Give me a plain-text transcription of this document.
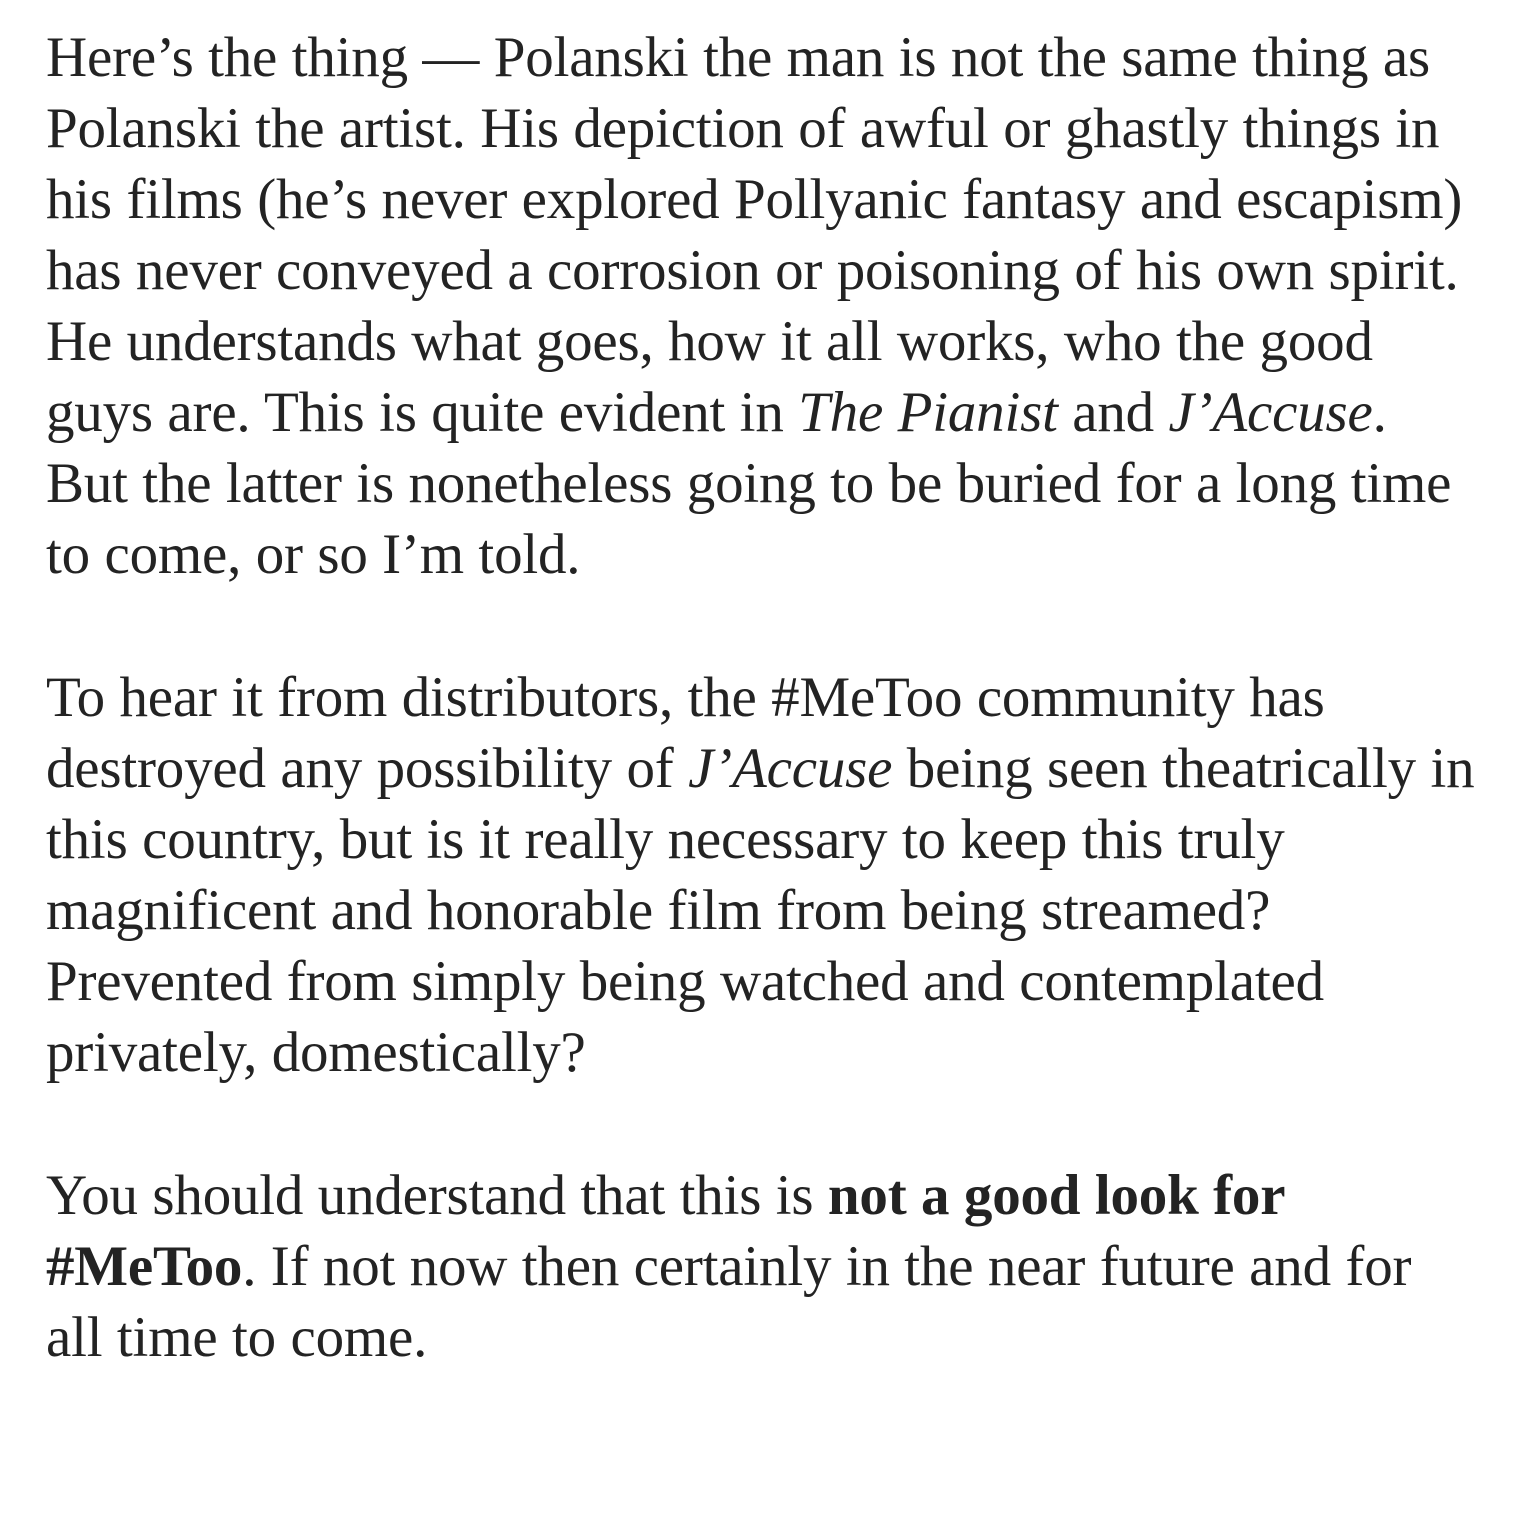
Here’s the thing — Polanski the man is not the same thing as Polanski the artist. His depiction of awful or ghastly things in his films (he’s never explored Pollyanic fantasy and escapism) has never conveyed a corrosion or poisoning of his own spirit. He understands what goes, how it all works, who the good guys are. This is quite evident in The Pianist and J’Accuse. But the latter is nonetheless going to be buried for a long time to come, or so I’m told.

To hear it from distributors, the #MeToo community has destroyed any possibility of J’Accuse being seen theatrically in this country, but is it really necessary to keep this truly magnificent and honorable film from being streamed? Prevented from simply being watched and contemplated privately, domestically?

You should understand that this is not a good look for #MeToo. If not now then certainly in the near future and for all time to come.
